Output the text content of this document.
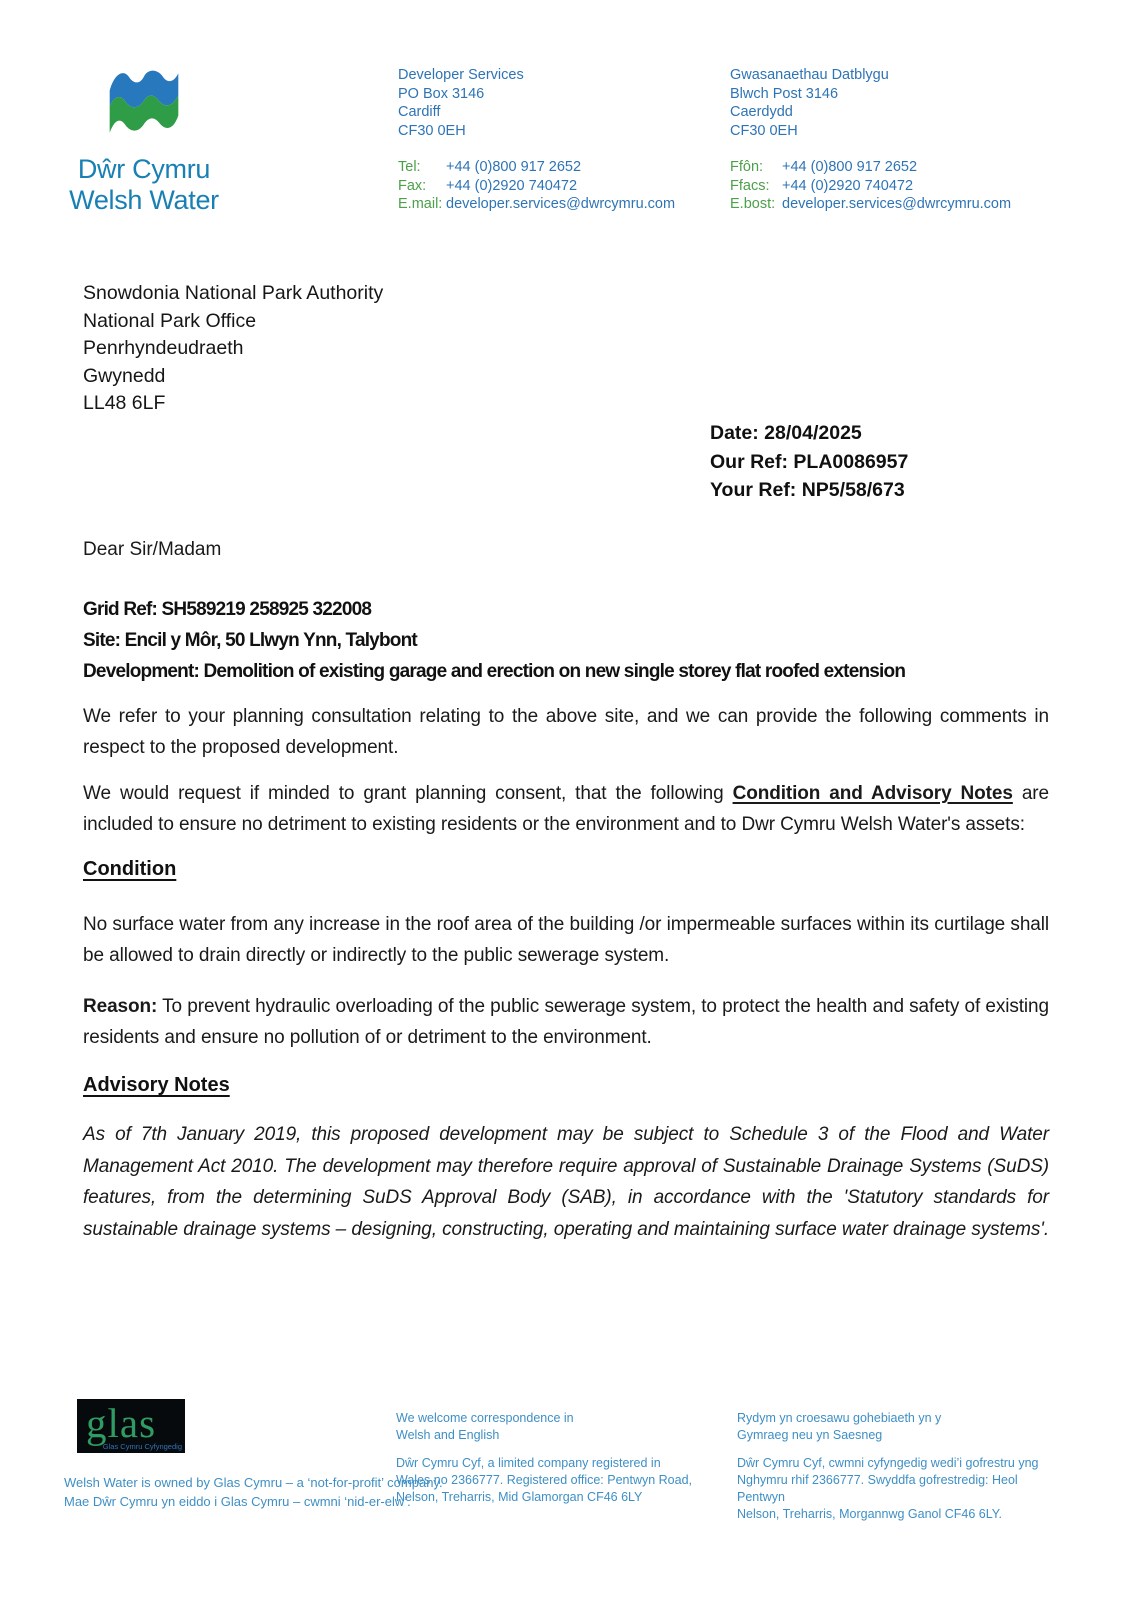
Dŵr Cymru
Welsh Water
Developer Services
PO Box 3146
Cardiff
CF30 0EH
Tel: +44 (0)800 917 2652
Fax: +44 (0)2920 740472
E.mail: developer.services@dwrcymru.com
Gwasanaethau Datblygu
Blwch Post 3146
Caerdydd
CF30 0EH
Ffôn: +44 (0)800 917 2652
Ffacs: +44 (0)2920 740472
E.bost: developer.services@dwrcymru.com
Snowdonia National Park Authority
National Park Office
Penrhyndeudraeth
Gwynedd
LL48 6LF
Date: 28/04/2025
Our Ref: PLA0086957
Your Ref: NP5/58/673

Dear Sir/Madam

Grid Ref: SH589219 258925 322008
Site: Encil y Môr, 50 Llwyn Ynn, Talybont
Development: Demolition of existing garage and erection on new single storey flat roofed extension

We refer to your planning consultation relating to the above site, and we can provide the following comments in respect to the proposed development.

We would request if minded to grant planning consent, that the following Condition and Advisory Notes are included to ensure no detriment to existing residents or the environment and to Dwr Cymru Welsh Water's assets:

Condition

No surface water from any increase in the roof area of the building /or impermeable surfaces within its curtilage shall be allowed to drain directly or indirectly to the public sewerage system.

Reason: To prevent hydraulic overloading of the public sewerage system, to protect the health and safety of existing residents and ensure no pollution of or detriment to the environment.

Advisory Notes

As of 7th January 2019, this proposed development may be subject to Schedule 3 of the Flood and Water Management Act 2010. The development may therefore require approval of Sustainable Drainage Systems (SuDS) features, from the determining SuDS Approval Body (SAB), in accordance with the 'Statutory standards for sustainable drainage systems – designing, constructing, operating and maintaining surface water drainage systems'.

glas
Glas Cymru Cyfyngedig
Welsh Water is owned by Glas Cymru – a ‘not-for-profit’ company.
Mae Dŵr Cymru yn eiddo i Glas Cymru – cwmni ‘nid-er-elw’.
We welcome correspondence in
Welsh and English
Dŵr Cymru Cyf, a limited company registered in
Wales no 2366777. Registered office: Pentwyn Road,
Nelson, Treharris, Mid Glamorgan CF46 6LY
Rydym yn croesawu gohebiaeth yn y
Gymraeg neu yn Saesneg
Dŵr Cymru Cyf, cwmni cyfyngedig wedi’i gofrestru yng
Nghymru rhif 2366777. Swyddfa gofrestredig: Heol Pentwyn
Nelson, Treharris, Morgannwg Ganol CF46 6LY.
